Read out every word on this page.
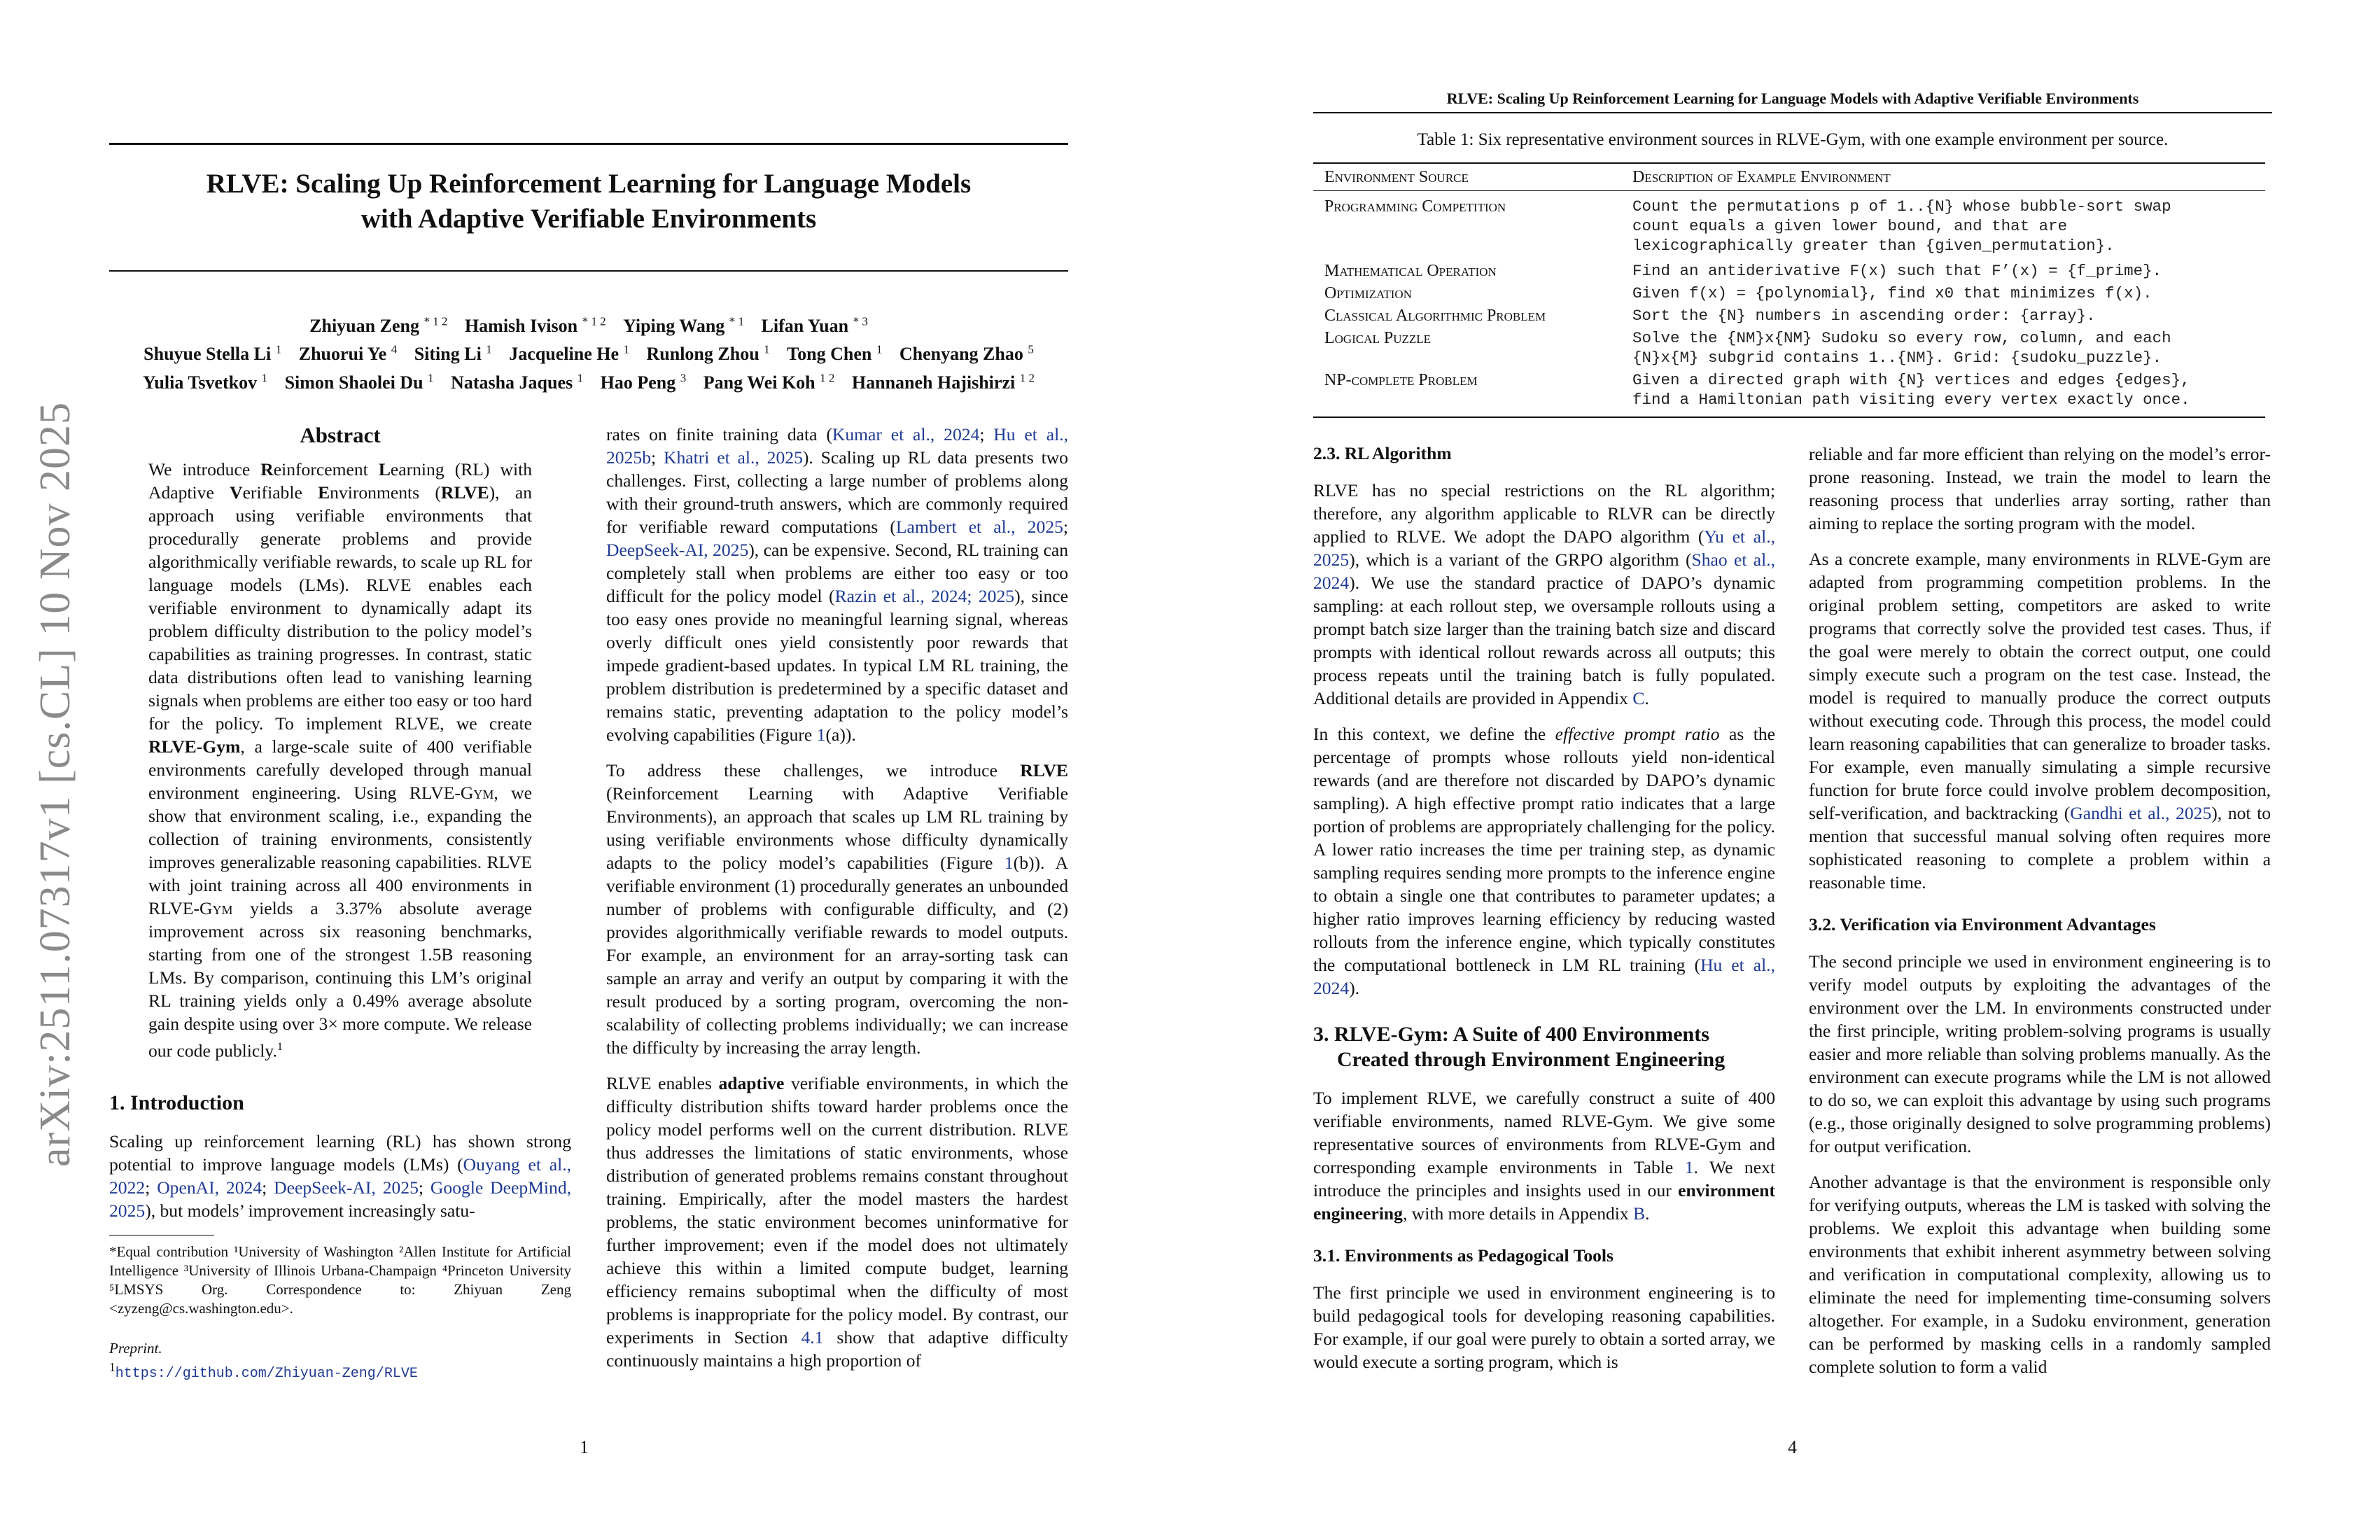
arXiv:2511.07317v1 [cs.CL] 10 Nov 2025
RLVE: Scaling Up Reinforcement Learning for Language Models
with Adaptive Verifiable Environments
Zhiyuan Zeng $^{* 1 2}$ Hamish Ivison $^{* 1 2}$ Yiping Wang $^{* 1}$ Lifan Yuan $^{* 3}$
Shuyue Stella Li $^1$ Zhuorui Ye $^4$ Siting Li $^1$ Jacqueline He $^1$ Runlong Zhou $^1$ Tong Chen $^1$ Chenyang Zhao $^5$
Yulia Tsvetkov $^1$ Simon Shaolei Du $^1$ Natasha Jaques $^1$ Hao Peng $^3$ Pang Wei Koh $^{1 2}$ Hannaneh Hajishirzi $^{1 2}$
Abstract

We introduce Reinforcement Learning (RL) with Adaptive Verifiable Environments (RLVE), an approach using verifiable environments that procedurally generate problems and provide algorithmically verifiable rewards, to scale up RL for language models (LMs). RLVE enables each verifiable environment to dynamically adapt its problem difficulty distribution to the policy model’s capabilities as training progresses. In contrast, static data distributions often lead to vanishing learning signals when problems are either too easy or too hard for the policy. To implement RLVE, we create RLVE-Gym, a large-scale suite of 400 verifiable environments carefully developed through manual environment engineering. Using RLVE-Gym, we show that environment scaling, i.e., expanding the collection of training environments, consistently improves generalizable reasoning capabilities. RLVE with joint training across all 400 environments in RLVE-Gym yields a 3.37% absolute average improvement across six reasoning benchmarks, starting from one of the strongest 1.5B reasoning LMs. By comparison, continuing this LM’s original RL training yields only a 0.49% average absolute gain despite using over 3× more compute. We release our code publicly.$^1$

1. Introduction

Scaling up reinforcement learning (RL) has shown strong potential to improve language models (LMs) (Ouyang et al., 2022; OpenAI, 2024; DeepSeek-AI, 2025; Google DeepMind, 2025), but models’ improvement increasingly satu-

*Equal contribution ¹University of Washington ²Allen Institute for Artificial Intelligence ³University of Illinois Urbana-Champaign ⁴Princeton University ⁵LMSYS Org. Correspondence to: Zhiyuan Zeng <zyzeng@cs.washington.edu>.
Preprint.
$^1$https://github.com/Zhiyuan-Zeng/RLVE

rates on finite training data (Kumar et al., 2024; Hu et al., 2025b; Khatri et al., 2025). Scaling up RL data presents two challenges. First, collecting a large number of problems along with their ground-truth answers, which are commonly required for verifiable reward computations (Lambert et al., 2025; DeepSeek-AI, 2025), can be expensive. Second, RL training can completely stall when problems are either too easy or too difficult for the policy model (Razin et al., 2024; 2025), since too easy ones provide no meaningful learning signal, whereas overly difficult ones yield consistently poor rewards that impede gradient-based updates. In typical LM RL training, the problem distribution is predetermined by a specific dataset and remains static, preventing adaptation to the policy model’s evolving capabilities (Figure 1(a)).

To address these challenges, we introduce RLVE (Reinforcement Learning with Adaptive Verifiable Environments), an approach that scales up LM RL training by using verifiable environments whose difficulty dynamically adapts to the policy model’s capabilities (Figure 1(b)). A verifiable environment (1) procedurally generates an unbounded number of problems with configurable difficulty, and (2) provides algorithmically verifiable rewards to model outputs. For example, an environment for an array-sorting task can sample an array and verify an output by comparing it with the result produced by a sorting program, overcoming the non-scalability of collecting problems individually; we can increase the difficulty by increasing the array length.

RLVE enables adaptive verifiable environments, in which the difficulty distribution shifts toward harder problems once the policy model performs well on the current distribution. RLVE thus addresses the limitations of static environments, whose distribution of generated problems remains constant throughout training. Empirically, after the model masters the hardest problems, the static environment becomes uninformative for further improvement; even if the model does not ultimately achieve this within a limited compute budget, learning efficiency remains suboptimal when the difficulty of most problems is inappropriate for the policy model. By contrast, our experiments in Section 4.1 show that adaptive difficulty continuously maintains a high proportion of

1
RLVE: Scaling Up Reinforcement Learning for Language Models with Adaptive Verifiable Environments
Table 1: Six representative environment sources in RLVE-Gym, with one example environment per source.
Environment Source	Description of Example Environment
Programming Competition	Count the permutations p of 1..{N} whose bubble-sort swap
count equals a given lower bound, and that are
lexicographically greater than {given_permutation}.

Mathematical Operation	Find an antiderivative F(x) such that F’(x) = {f_prime}.

Optimization	Given f(x) = {polynomial}, find x0 that minimizes f(x).

Classical Algorithmic Problem	Sort the {N} numbers in ascending order: {array}.

Logical Puzzle	Solve the {NM}x{NM} Sudoku so every row, column, and each
{N}x{M} subgrid contains 1..{NM}. Grid: {sudoku_puzzle}.

NP-complete Problem	Given a directed graph with {N} vertices and edges {edges},
find a Hamiltonian path visiting every vertex exactly once.
2.3. RL Algorithm

RLVE has no special restrictions on the RL algorithm; therefore, any algorithm applicable to RLVR can be directly applied to RLVE. We adopt the DAPO algorithm (Yu et al., 2025), which is a variant of the GRPO algorithm (Shao et al., 2024). We use the standard practice of DAPO’s dynamic sampling: at each rollout step, we oversample rollouts using a prompt batch size larger than the training batch size and discard prompts with identical rollout rewards across all outputs; this process repeats until the training batch is fully populated. Additional details are provided in Appendix C.

In this context, we define the effective prompt ratio as the percentage of prompts whose rollouts yield non-identical rewards (and are therefore not discarded by DAPO’s dynamic sampling). A high effective prompt ratio indicates that a large portion of problems are appropriately challenging for the policy. A lower ratio increases the time per training step, as dynamic sampling requires sending more prompts to the inference engine to obtain a single one that contributes to parameter updates; a higher ratio improves learning efficiency by reducing wasted rollouts from the inference engine, which typically constitutes the computational bottleneck in LM RL training (Hu et al., 2024).

3. RLVE-Gym: A Suite of 400 Environments
Created through Environment Engineering

To implement RLVE, we carefully construct a suite of 400 verifiable environments, named RLVE-Gym. We give some representative sources of environments from RLVE-Gym and corresponding example environments in Table 1. We next introduce the principles and insights used in our environment engineering, with more details in Appendix B.

3.1. Environments as Pedagogical Tools

The first principle we used in environment engineering is to build pedagogical tools for developing reasoning capabilities. For example, if our goal were purely to obtain a sorted array, we would execute a sorting program, which is

reliable and far more efficient than relying on the model’s error-prone reasoning. Instead, we train the model to learn the reasoning process that underlies array sorting, rather than aiming to replace the sorting program with the model.

As a concrete example, many environments in RLVE-Gym are adapted from programming competition problems. In the original problem setting, competitors are asked to write programs that correctly solve the provided test cases. Thus, if the goal were merely to obtain the correct output, one could simply execute such a program on the test case. Instead, the model is required to manually produce the correct outputs without executing code. Through this process, the model could learn reasoning capabilities that can generalize to broader tasks. For example, even manually simulating a simple recursive function for brute force could involve problem decomposition, self-verification, and backtracking (Gandhi et al., 2025), not to mention that successful manual solving often requires more sophisticated reasoning to complete a problem within a reasonable time.

3.2. Verification via Environment Advantages

The second principle we used in environment engineering is to verify model outputs by exploiting the advantages of the environment over the LM. In environments constructed under the first principle, writing problem-solving programs is usually easier and more reliable than solving problems manually. As the environment can execute programs while the LM is not allowed to do so, we can exploit this advantage by using such programs (e.g., those originally designed to solve programming problems) for output verification.

Another advantage is that the environment is responsible only for verifying outputs, whereas the LM is tasked with solving the problems. We exploit this advantage when building some environments that exhibit inherent asymmetry between solving and verification in computational complexity, allowing us to eliminate the need for implementing time-consuming solvers altogether. For example, in a Sudoku environment, generation can be performed by masking cells in a randomly sampled complete solution to form a valid

4
